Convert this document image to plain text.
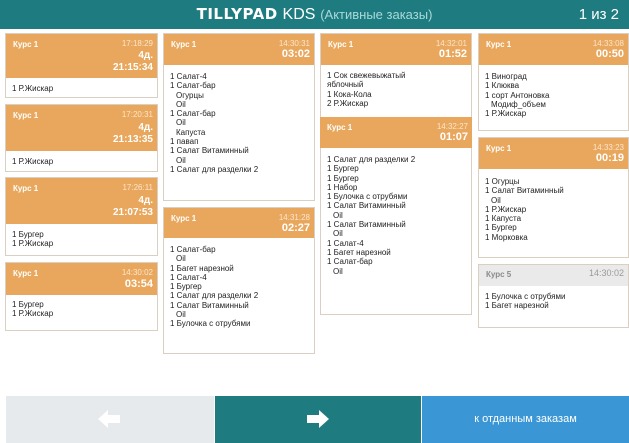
TILLYPAD KDS (Активные заказы)	1 из 2
Курс 1	17:18:29
4д.
21:15:34
1 Р.Жискар
Курс 1	17:20:31
4д.
21:13:35
1 Р.Жискар
Курс 1	17:26:11
4д.
21:07:53
1 Бургер
1 Р.Жискар
Курс 1	14:30:02
03:54
1 Бургер
1 Р.Жискар
Курс 1	14:30:31
03:02
1 Салат-4
1 Салат-бар
Огурцы
Oil
1 Салат-бар
Oil
Капуста
1 павап
1 Салат Витаминный
Oil
1 Салат для разделки 2
Курс 1	14:31:28
02:27
1 Салат-бар
Oil
1 Багет нарезной
1 Салат-4
1 Бургер
1 Салат для разделки 2
1 Салат Витаминный
Oil
1 Булочка с отрубями
Курс 1	14:32:01
01:52
1 Сок свежевыжатый
яблочный
1 Кока-Кола
2 Р.Жискар
Курс 1	14:32:27
01:07
1 Салат для разделки 2
1 Бургер
1 Бургер
1 Набор
1 Булочка с отрубями
1 Салат Витаминный
Oil
1 Салат Витаминный
Oil
1 Салат-4
1 Багет нарезной
1 Салат-бар
Oil
Курс 1	14:33:08
00:50
1 Виноград
1 Клюква
1 сорт Антоновка
Модиф_объем
1 Р.Жискар
Курс 1	14:33:23
00:19
1 Огурцы
1 Салат Витаминный
Oil
1 Р.Жискар
1 Капуста
1 Бургер
1 Морковка
Курс 5	14:30:02
1 Булочка с отрубями
1 Багет нарезной
к отданным заказам
